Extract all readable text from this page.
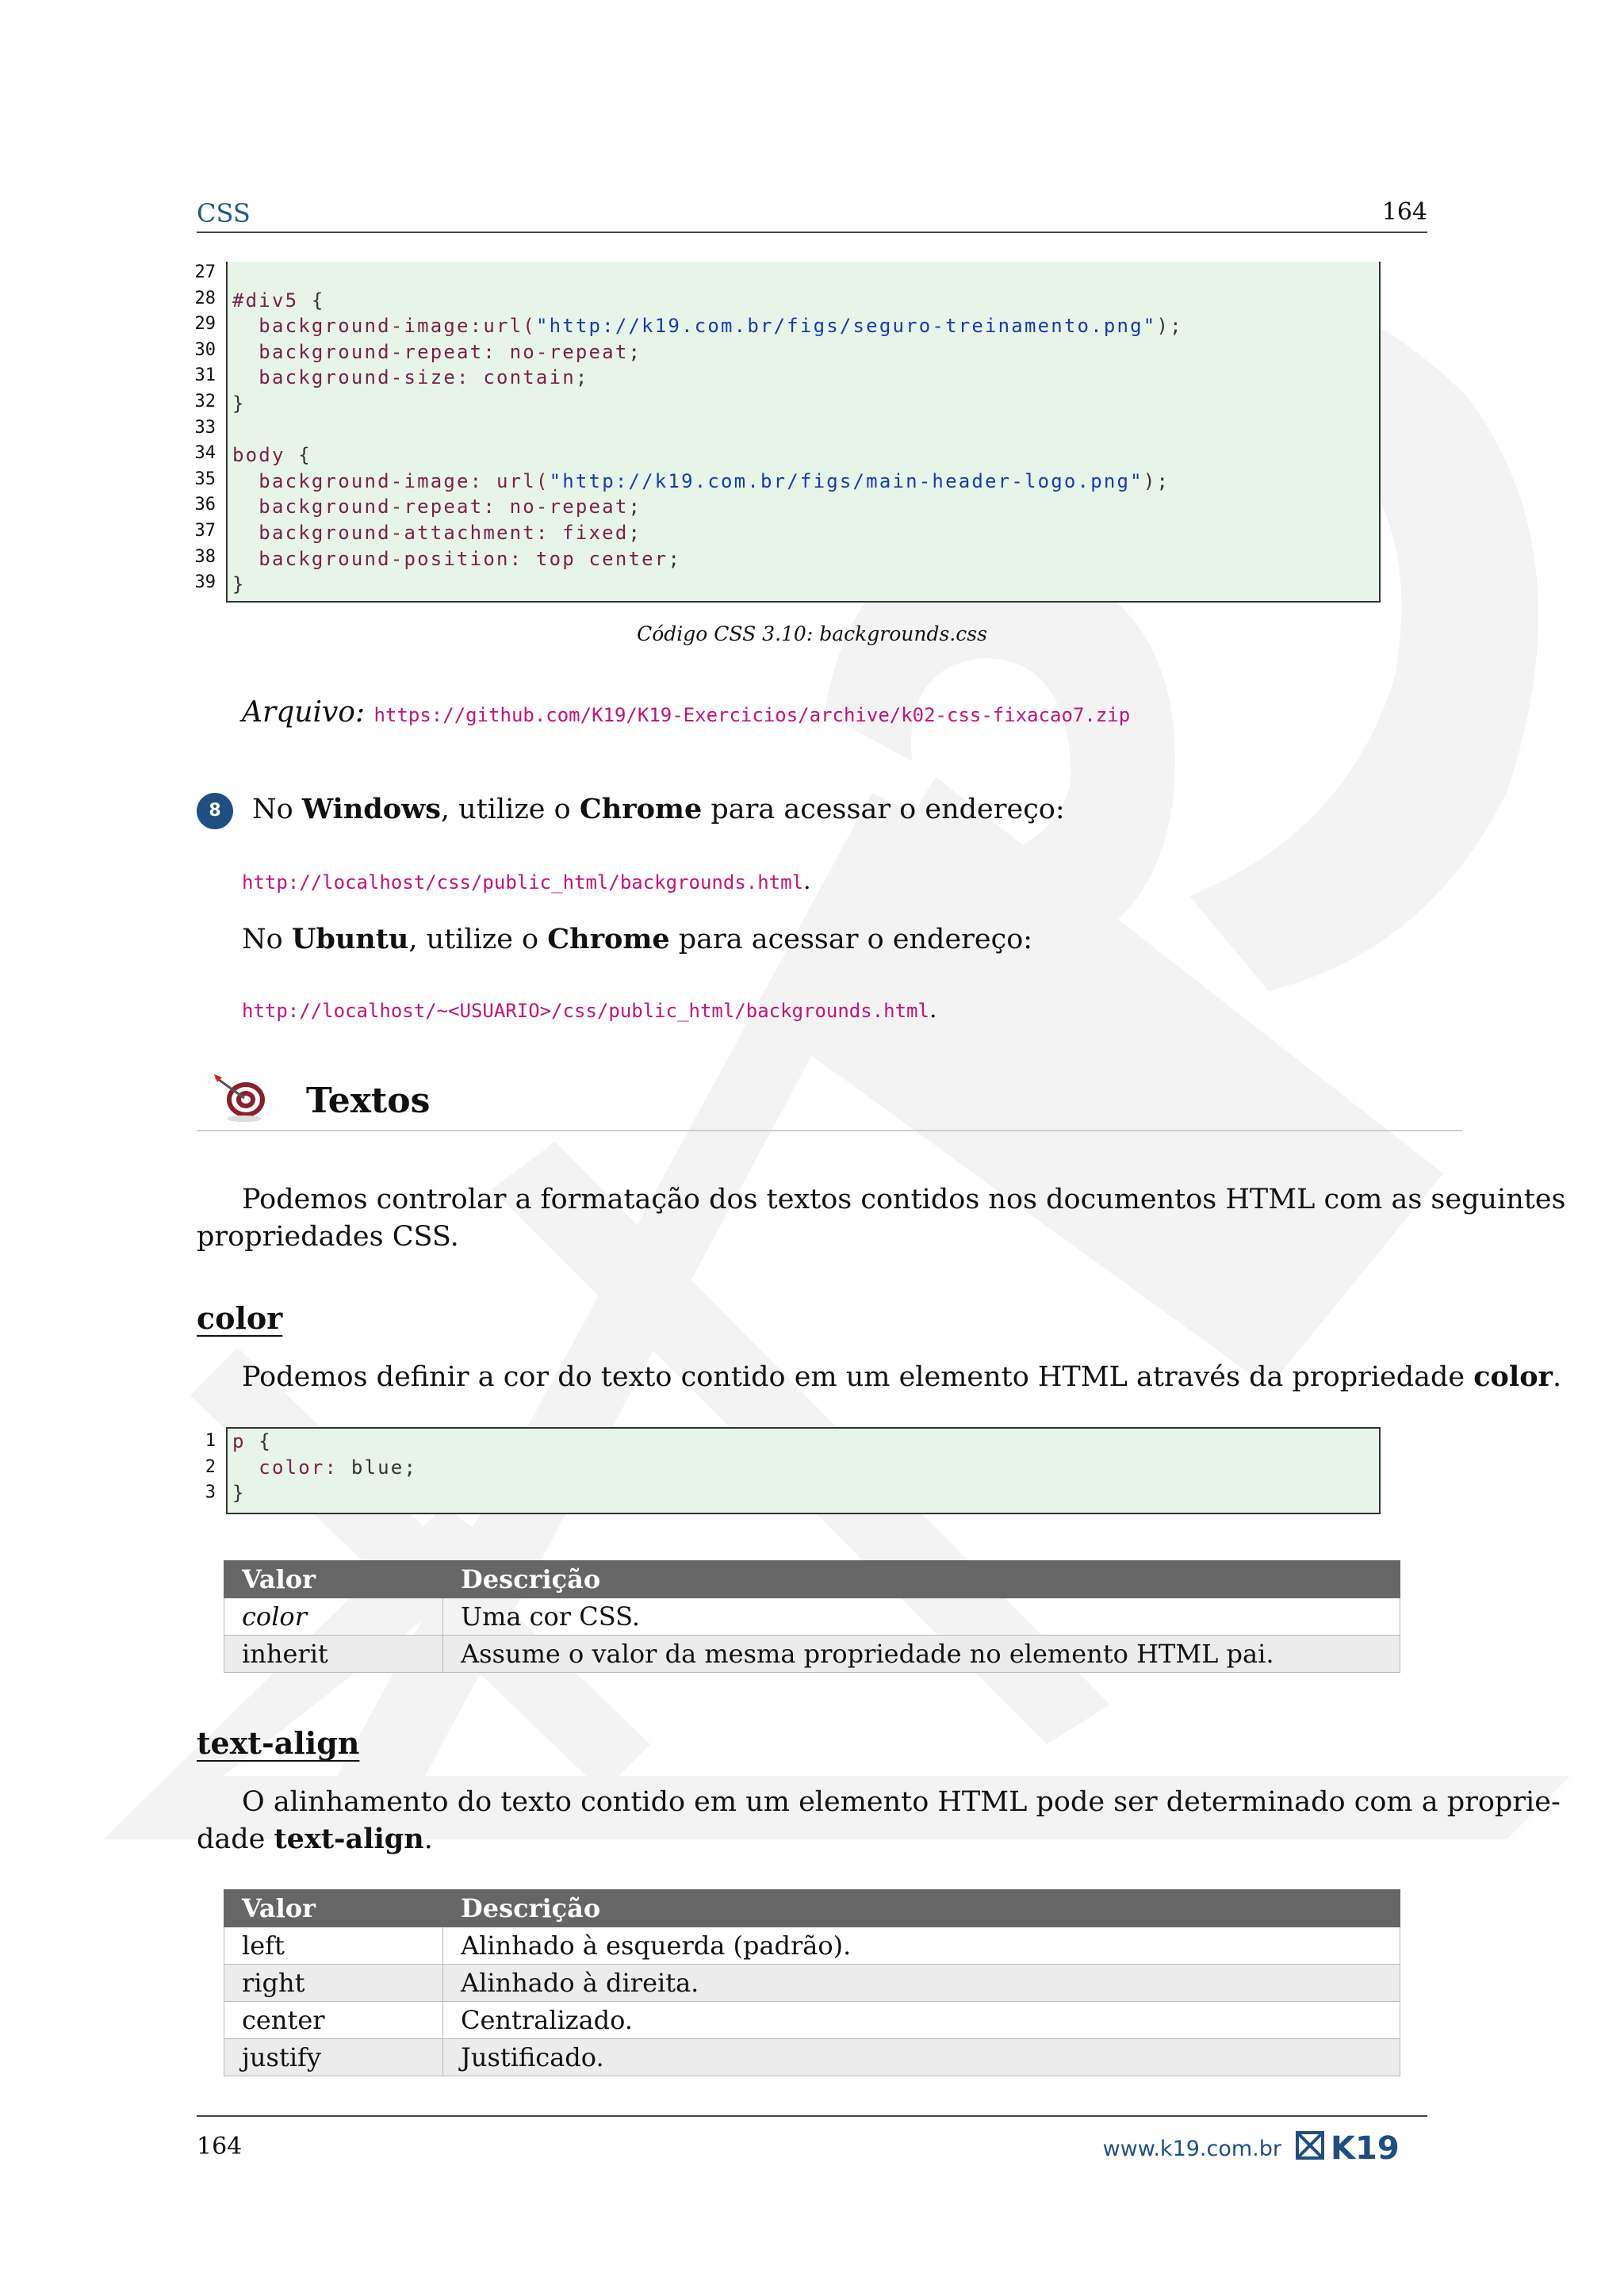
CSS	164
27
28
29
30
31
32
33
34
35
36
37
38
39
#div5 {
background-image:url("http://k19.com.br/figs/seguro-treinamento.png");
background-repeat: no-repeat;
background-size: contain;
}
body {
background-image: url("http://k19.com.br/figs/main-header-logo.png");
background-repeat: no-repeat;
background-attachment: fixed;
background-position: top center;
}
Código CSS 3.10: backgrounds.css
Arquivo: https://github.com/K19/K19-Exercicios/archive/k02-css-fixacao7.zip
8	No Windows, utilize o Chrome para acessar o endereço:
http://localhost/css/public_html/backgrounds.html.
No Ubuntu, utilize o Chrome para acessar o endereço:
http://localhost/~<USUARIO>/css/public_html/backgrounds.html.
Textos
Podemos controlar a formatação dos textos contidos nos documentos HTML com as seguintes
propriedades CSS.
color
Podemos definir a cor do texto contido em um elemento HTML através da propriedade color.
1
2
3
p {
color: blue;
}
Valor	Descrição
color	Uma cor CSS.
inherit	Assume o valor da mesma propriedade no elemento HTML pai.
text-align
O alinhamento do texto contido em um elemento HTML pode ser determinado com a proprie-
dade text-align.
Valor	Descrição
left	Alinhado à esquerda (padrão).
right	Alinhado à direita.
center	Centralizado.
justify	Justificado.
164	www.k19.com.br K19
